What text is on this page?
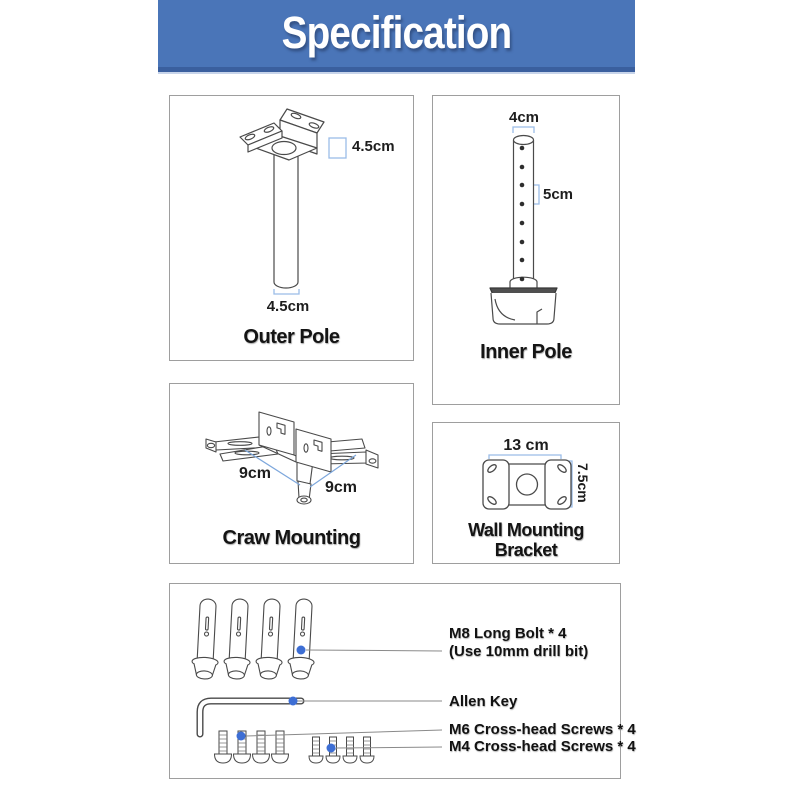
Specification
4.5cm
4.5cm
Outer Pole
4cm
5cm
Inner Pole
9cm
9cm
Craw Mounting
13 cm
7.5cm
Wall Mounting Bracket
M8 Long Bolt * 4
(Use 10mm drill bit)
Allen Key
M6 Cross-head Screws * 4
M4 Cross-head Screws * 4
